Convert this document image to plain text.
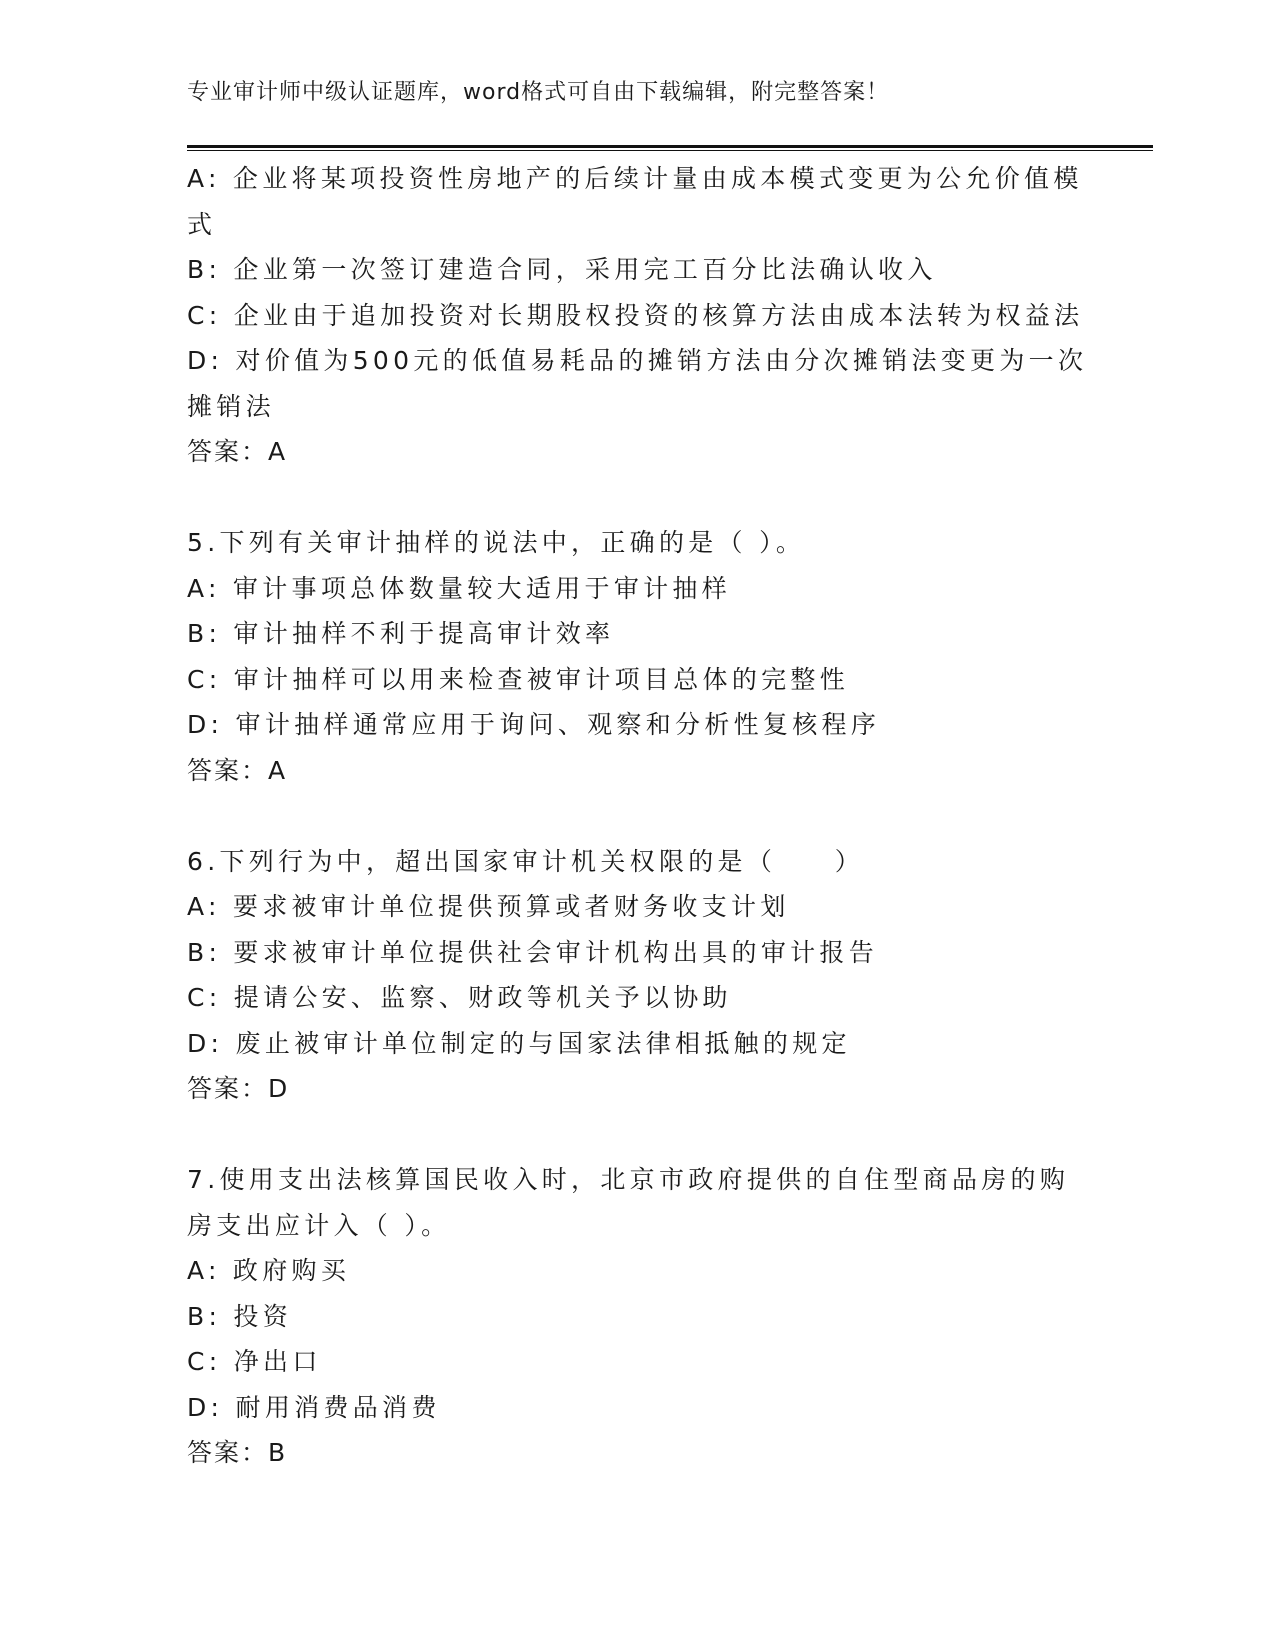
专业审计师中级认证题库，word格式可自由下载编辑，附完整答案！
A: 企业将某项投资性房地产的后续计量由成本模式变更为公允价值模
式
B: 企业第一次签订建造合同，采用完工百分比法确认收入
C: 企业由于追加投资对长期股权投资的核算方法由成本法转为权益法
D: 对价值为500元的低值易耗品的摊销方法由分次摊销法变更为一次
摊销法
答案：A
5.下列有关审计抽样的说法中，正确的是（ ）。
A: 审计事项总体数量较大适用于审计抽样
B: 审计抽样不利于提高审计效率
C: 审计抽样可以用来检查被审计项目总体的完整性
D: 审计抽样通常应用于询问、观察和分析性复核程序
答案：A
6.下列行为中，超出国家审计机关权限的是（　　）
A: 要求被审计单位提供预算或者财务收支计划
B: 要求被审计单位提供社会审计机构出具的审计报告
C: 提请公安、监察、财政等机关予以协助
D: 废止被审计单位制定的与国家法律相抵触的规定
答案：D
7.使用支出法核算国民收入时，北京市政府提供的自住型商品房的购
房支出应计入（ ）。
A: 政府购买
B: 投资
C: 净出口
D: 耐用消费品消费
答案：B
